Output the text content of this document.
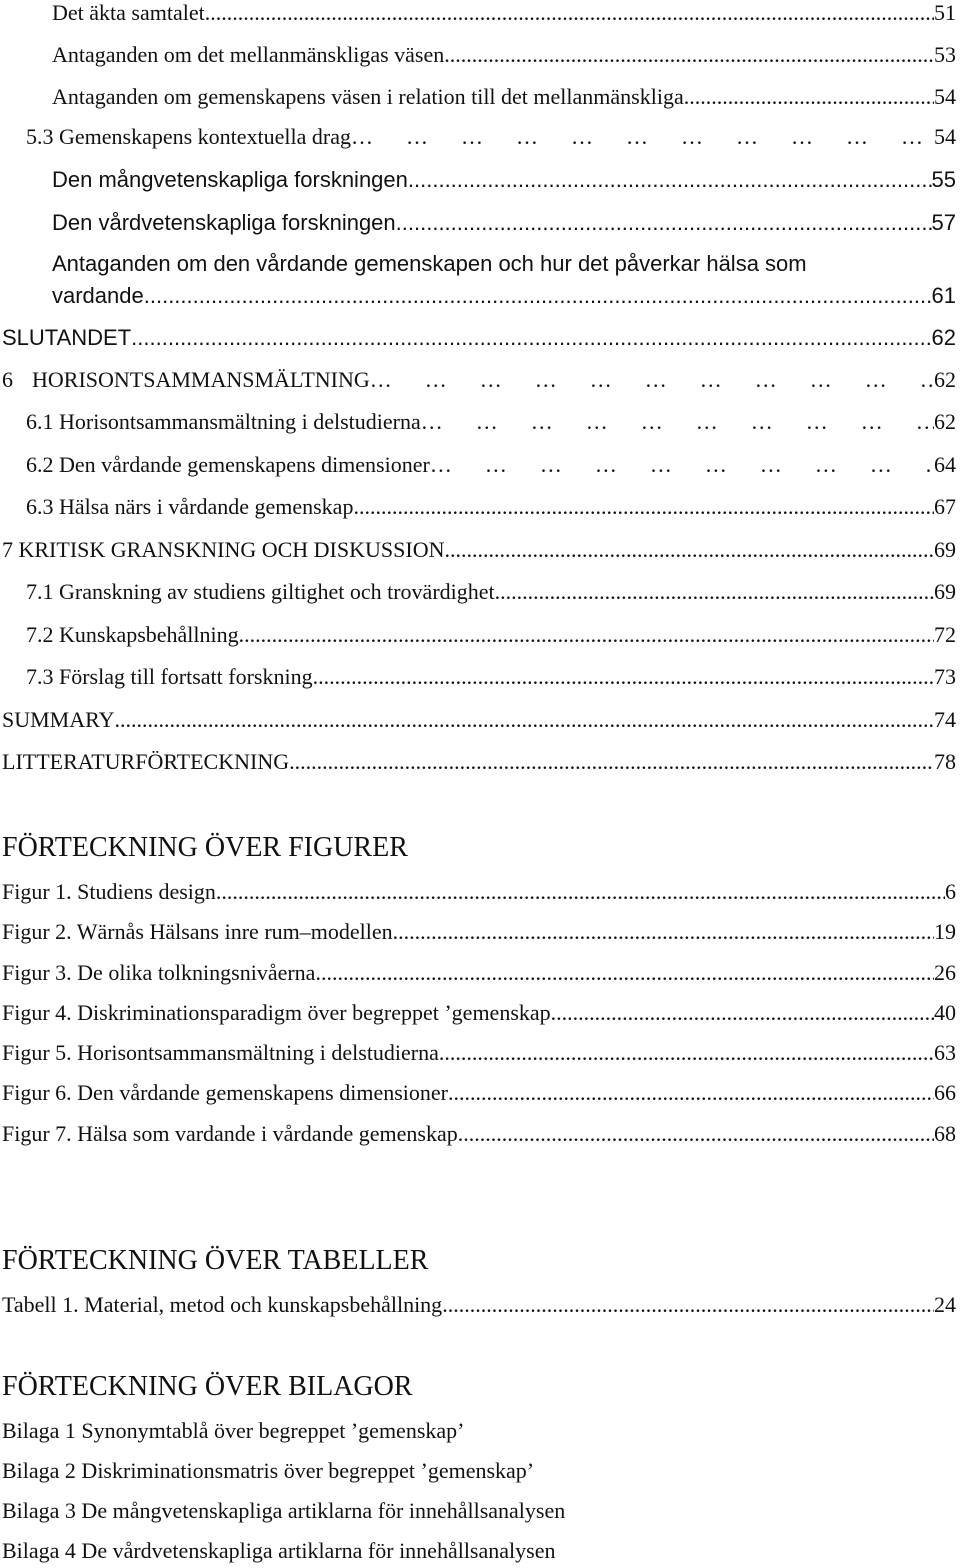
Det äkta samtalet .....	51
Antaganden om det mellanmänskligas väsen .....	53
Antaganden om gemenskapens väsen i relation till det mellanmänskliga .....	54
5.3 Gemenskapens kontextuella drag …      …      …      …      …      …      …      …      …      …      …      …      …      …      …      …      …      …	54
Den mångvetenskapliga forskningen .....	55
Den vårdvetenskapliga forskningen .....	57
Antaganden om den vårdande gemenskapen och hur det påverkar hälsa som
vardande .....	61
SLUTANDET .....	62
6 HORISONTSAMMANSMÄLTNING …      …      …      …      …      …      …      …      …      …      …      …      …      …      …      …      …      …	62
6.1 Horisontsammansmältning i delstudierna …      …      …      …      …      …      …      …      …      …      …      …      …      …      …      …      …      …	62
6.2 Den vårdande gemenskapens dimensioner …      …      …      …      …      …      …      …      …      …      …      …      …      …      …      …      …      …	64
6.3 Hälsa närs i vårdande gemenskap .....	67
7 KRITISK GRANSKNING OCH DISKUSSION .....	69
7.1 Granskning av studiens giltighet och trovärdighet .....	69
7.2 Kunskapsbehållning .....	72
7.3 Förslag till fortsatt forskning .....	73
SUMMARY .....	74
LITTERATURFÖRTECKNING .....	78
FÖRTECKNING ÖVER FIGURER
Figur 1. Studiens design .....	6
Figur 2. Wärnås Hälsans inre rum–modellen .....	19
Figur 3. De olika tolkningsnivåerna .....	26
Figur 4. Diskriminationsparadigm över begreppet ’gemenskap .....	40
Figur 5. Horisontsammansmältning i delstudierna .....	63
Figur 6. Den vårdande gemenskapens dimensioner .....	66
Figur 7. Hälsa som vardande i vårdande gemenskap .....	68
FÖRTECKNING ÖVER TABELLER
Tabell 1. Material, metod och kunskapsbehållning .....	24
FÖRTECKNING ÖVER BILAGOR
Bilaga 1 Synonymtablå över begreppet ’gemenskap’
Bilaga 2 Diskriminationsmatris över begreppet ’gemenskap’
Bilaga 3 De mångvetenskapliga artiklarna för innehållsanalysen
Bilaga 4 De vårdvetenskapliga artiklarna för innehållsanalysen
